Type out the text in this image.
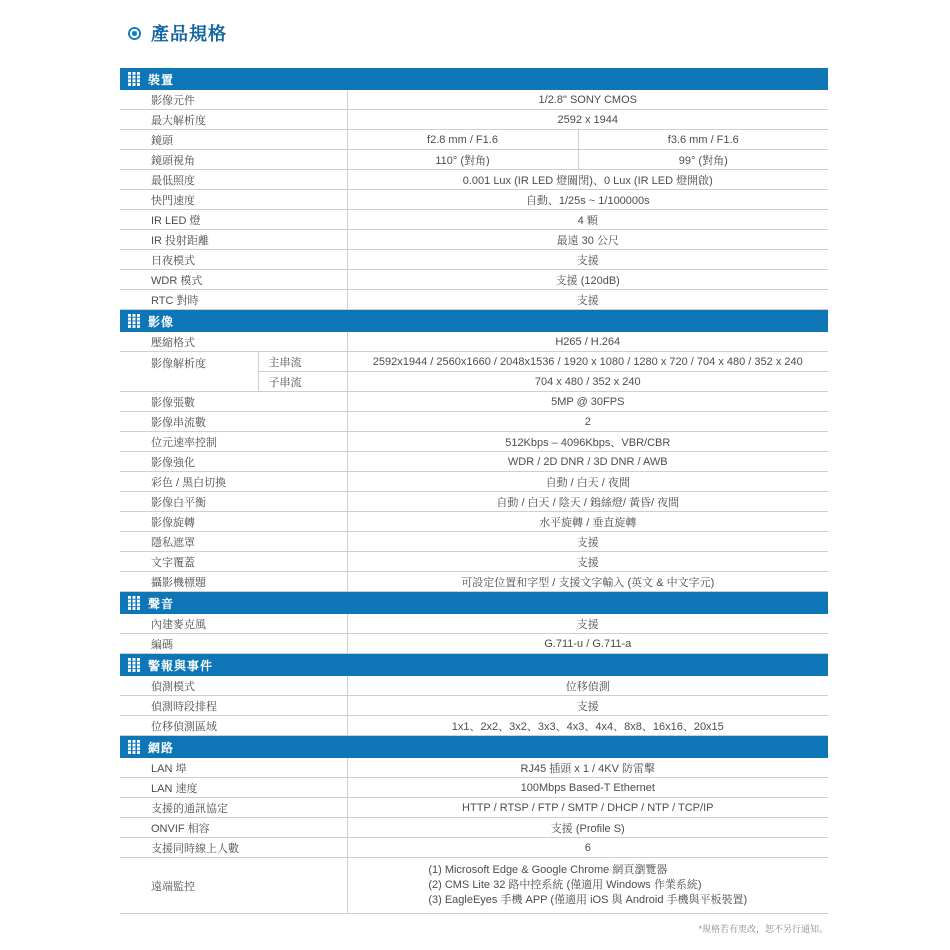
產品規格
裝置
影像元件	1/2.8" SONY CMOS	
最大解析度	2592 x 1944	
鏡頭	f2.8 mm / F1.6	f3.6 mm / F1.6
鏡頭視角	110° (對角)	99° (對角)
最低照度	0.001 Lux (IR LED 燈關閉)、0 Lux (IR LED 燈開啟)	
快門速度	自動、1/25s ~ 1/100000s	
IR LED 燈	4 顆	
IR 投射距離	最遠 30 公尺	
日夜模式	支援	
WDR 模式	支援 (120dB)	
RTC 對時	支援	
影像
壓縮格式		H265 / H.264
影像解析度	主串流	2592x1944 / 2560x1660 / 2048x1536 / 1920 x 1080 / 1280 x 720 / 704 x 480 / 352 x 240
	子串流	704 x 480 / 352 x 240
影像張數		5MP @ 30FPS
影像串流數		2
位元速率控制		512Kbps – 4096Kbps、VBR/CBR
影像強化		WDR / 2D DNR / 3D DNR / AWB
彩色 / 黑白切換		自動 / 白天 / 夜間
影像白平衡		自動 / 白天 / 陰天 / 鎢絲燈/ 黃昏/ 夜間
影像旋轉		水平旋轉 / 垂直旋轉
隱私遮罩		支援
文字覆蓋		支援
攝影機標題		可設定位置和字型 / 支援文字輸入 (英文 & 中文字元)
聲音
內建麥克風	支援
編碼	G.711-u / G.711-a
警報與事件
偵測模式	位移偵測
偵測時段排程	支援
位移偵測區域	1x1、2x2、3x2、3x3、4x3、4x4、8x8、16x16、20x15
網路
LAN 埠	RJ45 插頭 x 1 / 4KV 防雷擊
LAN 速度	100Mbps Based-T Ethernet
支援的通訊協定	HTTP / RTSP / FTP / SMTP / DHCP / NTP / TCP/IP
ONVIF 相容	支援 (Profile S)
支援同時線上人數	6
遠端監控	(1) Microsoft Edge & Google Chrome 網頁瀏覽器
(2) CMS Lite 32 路中控系統 (僅適用 Windows 作業系統)
(3) EagleEyes 手機 APP (僅適用 iOS 與 Android 手機與平板裝置)
*規格若有更改，恕不另行通知。
